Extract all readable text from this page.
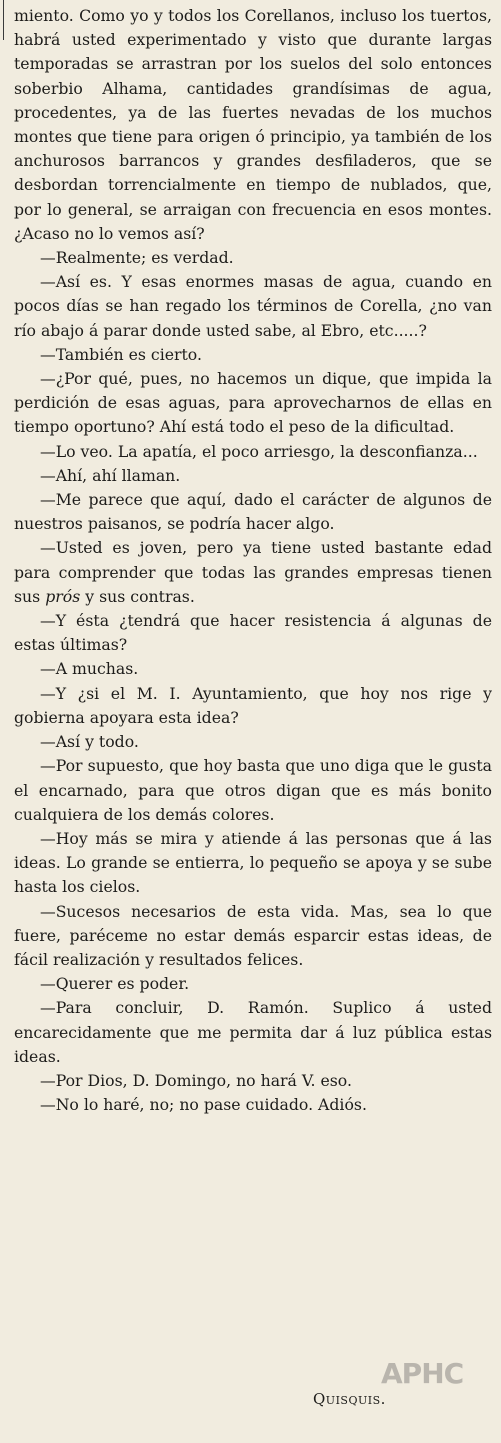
miento. Como yo y todos los Corellanos, incluso los tuertos, habrá usted experimentado y visto que durante largas temporadas se arrastran por los suelos del solo entonces soberbio Alhama, cantidades grandísimas de agua, procedentes, ya de las fuertes nevadas de los muchos montes que tiene para origen ó principio, ya también de los anchurosos barrancos y grandes desfiladeros, que se desbordan torrencialmente en tiempo de nublados, que, por lo general, se arraigan con frecuencia en esos montes. ¿Acaso no lo vemos así?

—Realmente; es verdad.

—Así es. Y esas enormes masas de agua, cuando en pocos días se han regado los términos de Corella, ¿no van río abajo á parar donde usted sabe, al Ebro, etc.....?

—También es cierto.

—¿Por qué, pues, no hacemos un dique, que impida la perdición de esas aguas, para aprovecharnos de ellas en tiempo oportuno? Ahí está todo el peso de la dificultad.

—Lo veo. La apatía, el poco arriesgo, la desconfianza...

—Ahí, ahí llaman.

—Me parece que aquí, dado el carácter de algunos de nuestros paisanos, se podría hacer algo.

—Usted es joven, pero ya tiene usted bastante edad para comprender que todas las grandes empresas tienen sus prós y sus contras.

—Y ésta ¿tendrá que hacer resistencia á algunas de estas últimas?

—A muchas.

—Y ¿si el M. I. Ayuntamiento, que hoy nos rige y gobierna apoyara esta idea?

—Así y todo.

—Por supuesto, que hoy basta que uno diga que le gusta el encarnado, para que otros digan que es más bonito cualquiera de los demás colores.

—Hoy más se mira y atiende á las personas que á las ideas. Lo grande se entierra, lo pequeño se apoya y se sube hasta los cielos.

—Sucesos necesarios de esta vida. Mas, sea lo que fuere, paréceme no estar demás esparcir estas ideas, de fácil realización y resultados felices.

—Querer es poder.

—Para concluir, D. Ramón. Suplico á usted encarecidamente que me permita dar á luz pública estas ideas.

—Por Dios, D. Domingo, no hará V. eso.

—No lo haré, no; no pase cuidado. Adiós.

APHC
Quisquis.
